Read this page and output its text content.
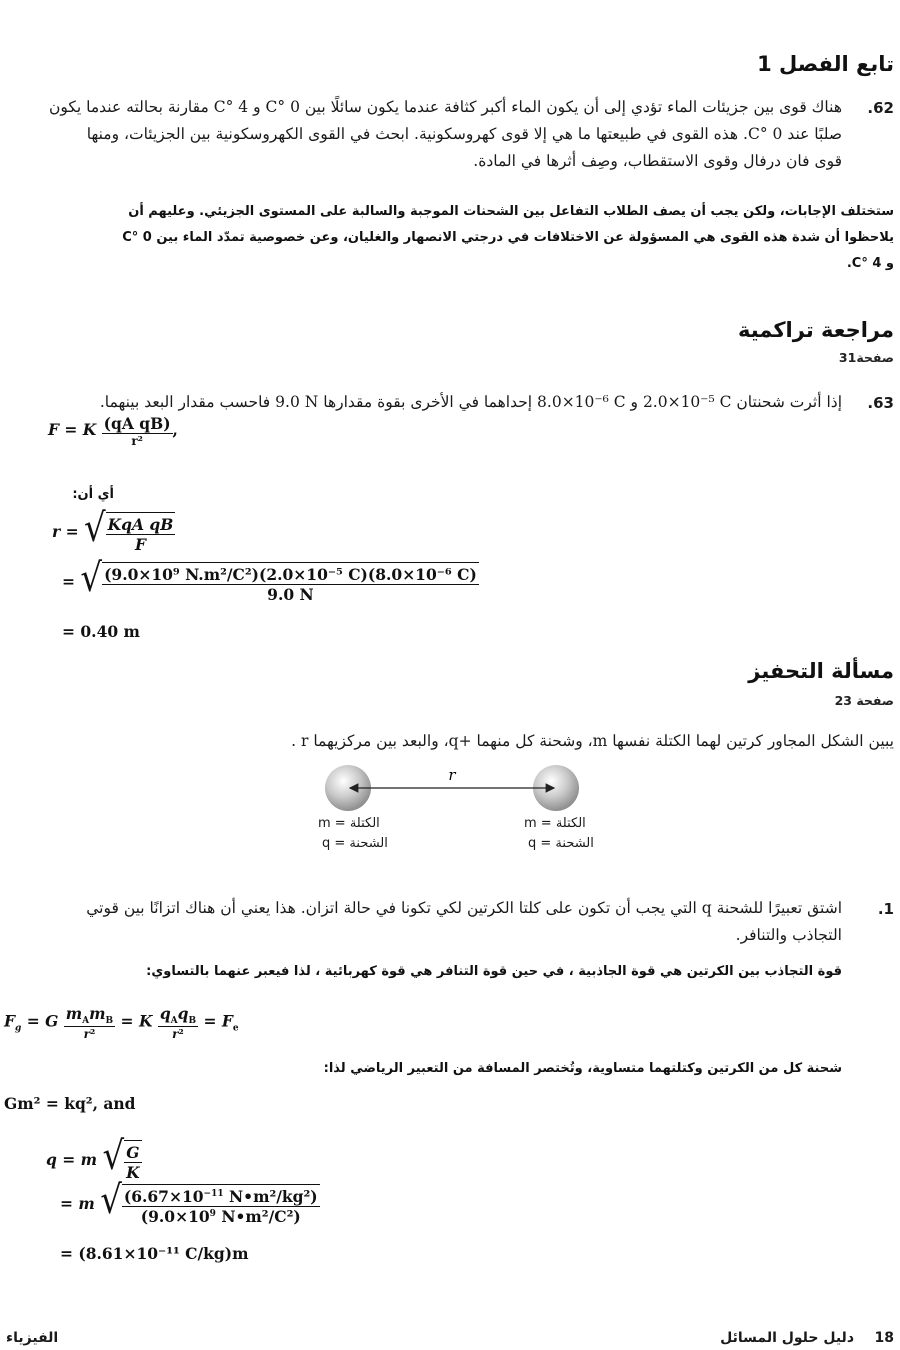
تابع الفصل 1
.62
هناك قوى بين جزيئات الماء تؤدي إلى أن يكون الماء أكبر كثافة عندما يكون سائلًا بين 0 °C و 4 °C مقارنة بحالته عندما يكون
صلبًا عند 0 °C. هذه القوى في طبيعتها ما هي إلا قوى كهروسكونية. ابحث في القوى الكهروسكونية بين الجزيئات، ومنها
قوى فان درفال وقوى الاستقطاب، وصِف أثرها في المادة.
ستختلف الإجابات، ولكن يجب أن يصف الطلاب التفاعل بين الشحنات الموجبة والسالبة على المستوى الجزيئي. وعليهم أن
يلاحظوا أن شدة هذه القوى هي المسؤولة عن الاختلافات في درجتي الانصهار والغليان، وعن خصوصية تمدّد الماء بين 0 °C
و 4 °C.
مراجعة تراكمية
صفحة31
.63
إذا أثرت شحنتان ‎2.0×10⁻⁵ C‎ و ‎8.0×10⁻⁶ C‎ إحداهما في الأخرى بقوة مقدارها ‎9.0 N‎ فاحسب مقدار البعد بينهما.
F = K $\frac{\text{(qA qB)}}{\text{r²}}$ ,
أي أن:
r = √ $\frac{\text{KqA qB}}{F}$
= √ $\frac{\text{(9.0×10⁹ N.m²/C²)(2.0×10⁻⁵ C)(8.0×10⁻⁶ C)}}{9.0 N}$
= 0.40 m
مسألة التحفيز
صفحة 23
يبين الشكل المجاور كرتين لهما الكتلة نفسها m، وشحنة كل منهما +q، والبعد بين مركزيهما r .
r
m = الكتلة
q = الشحنة
m = الكتلة
q = الشحنة
.1
اشتق تعبيرًا للشحنة q التي يجب أن تكون على كلتا الكرتين لكي تكونا في حالة اتزان. هذا يعني أن هناك اتزانًا بين قوتي
التجاذب والتنافر.
قوة التجاذب بين الكرتين هي قوة الجاذبية ، في حين قوة التنافر هي قوة كهربائية ، لذا فيعبر عنهما بالتساوي:
$F_g = G \frac{m_Am_B}{\text{r²}} = K \frac{q_Aq_B}{\text{r²}} = F_e$
شحنة كل من الكرتين وكتلتهما متساوية، وتُختصر المسافة من التعبير الرياضي لذا:
Gm² = kq², and
q = m √ $\frac{G}{K}$
= m √ $\frac{(6.67\times 10^{-11} N•m^2/kg^2)}{(9.0\times 10^9 N•m^2/C^2)}$
= (8.61×10⁻¹¹ C/kg)m
18
دليل حلول المسائل
الفيزياء
